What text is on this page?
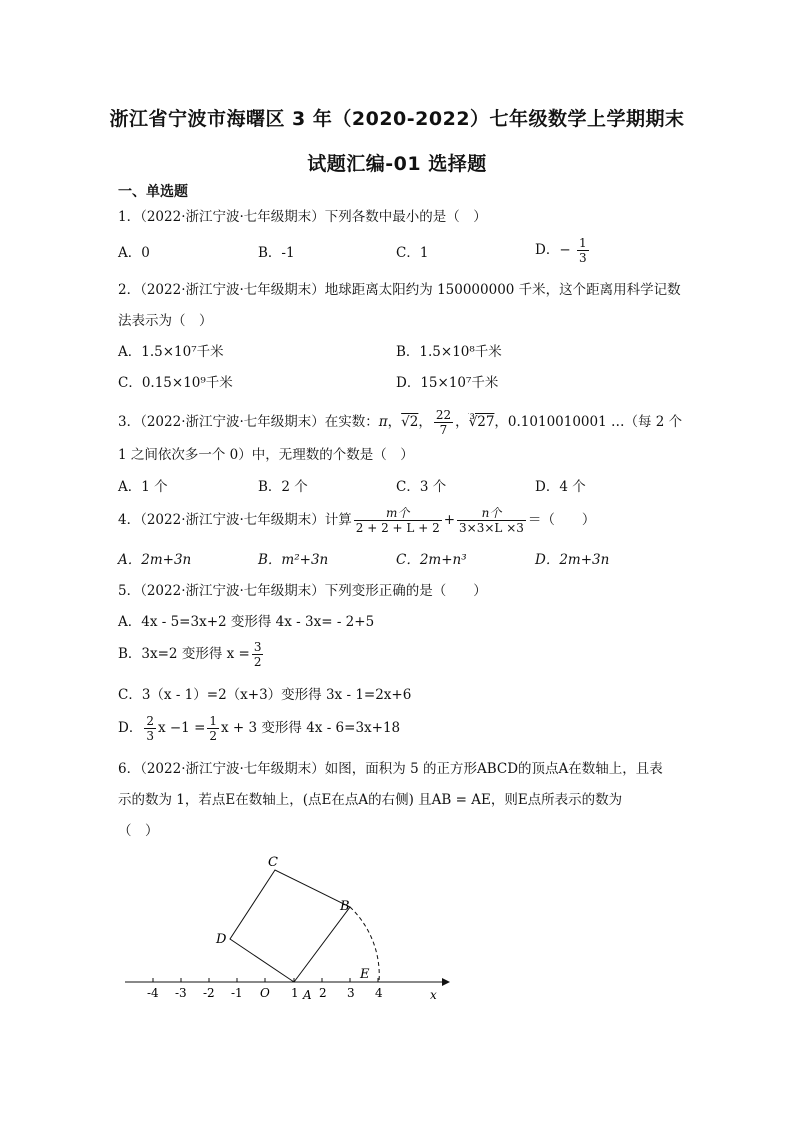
浙江省宁波市海曙区 3 年（2020-2022）七年级数学上学期期末
试题汇编-01 选择题
一、单选题
1．（2022·浙江宁波·七年级期末）下列各数中最小的是（　）
A．0	B．-1	C．1	D．− $\frac{1}{3}$
2．（2022·浙江宁波·七年级期末）地球距离太阳约为 150000000 千米，这个距离用科学记数
法表示为（　）
A．1.5×10⁷千米	B．1.5×10⁸千米
C．0.15×10⁹千米	D．15×10⁷千米
3．（2022·浙江宁波·七年级期末）在实数：π，√2， $\frac{22}{7}$ ，∛27，0.1010010001 …（每 2 个
1 之间依次多一个 0）中，无理数的个数是（　）
A．1 个	B．2 个	C．3 个	D．4 个
4．（2022·浙江宁波·七年级期末）计算 $\frac{\text{m个}}{2 + 2 + L + 2} + \frac{\text{n个}}{3\times 3\times L \times 3}$ ＝（　　）
A．2m+3n	B．m²+3n	C．2m+n³	D．2m+3n
5．（2022·浙江宁波·七年级期末）下列变形正确的是（　　）
A．4x - 5=3x+2 变形得 4x - 3x= - 2+5
B．3x=2 变形得 $x = \frac{3}{2}$
C．3（x - 1）=2（x+3）变形得 3x - 1=2x+6
D． $\frac{2}{3}$ $x -1 = \frac{1}{2}$ x + 3 变形得 4x - 6=3x+18
6．（2022·浙江宁波·七年级期末）如图，面积为 5 的正方形ABCD的顶点A在数轴上，且表
示的数为 1，若点E在数轴上，(点E在点A的右侧) 且AB = AE，则E点所表示的数为
（　）
-4 -3 -2 -1 O 1 A 2 3 4	x
C
B
D
E
